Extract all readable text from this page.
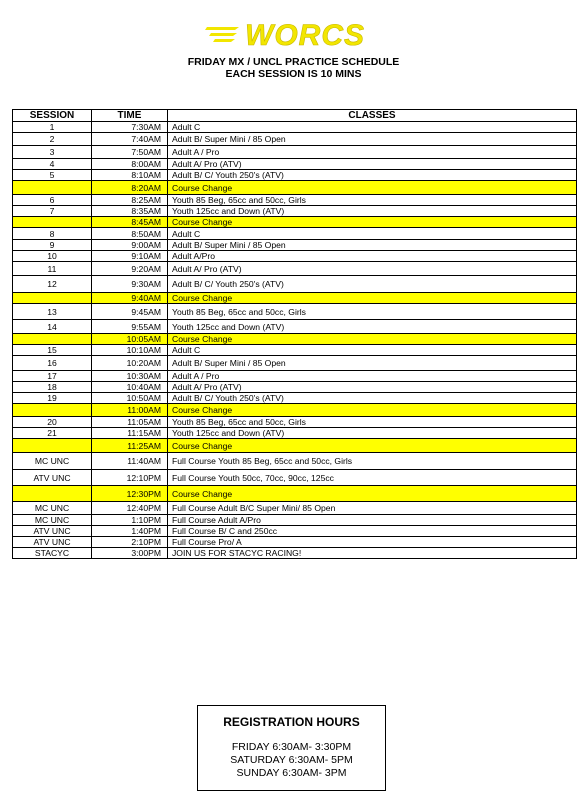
WORCS
FRIDAY MX / UNCL PRACTICE SCHEDULE
EACH SESSION IS 10 MINS
SESSION	TIME	CLASSES
1	7:30AM	Adult C
2	7:40AM	Adult B/ Super Mini / 85 Open
3	7:50AM	Adult A / Pro
4	8:00AM	Adult A/ Pro (ATV)
5	8:10AM	Adult B/ C/ Youth 250's (ATV)
	8:20AM	Course Change
6	8:25AM	Youth 85 Beg, 65cc and 50cc, Girls
7	8:35AM	Youth 125cc and Down (ATV)
	8:45AM	Course Change
8	8:50AM	Adult C
9	9:00AM	Adult B/ Super Mini / 85 Open
10	9:10AM	Adult A/Pro
11	9:20AM	Adult A/ Pro (ATV)
12	9:30AM	Adult B/ C/ Youth 250's (ATV)
	9:40AM	Course Change
13	9:45AM	Youth 85 Beg, 65cc and 50cc, Girls
14	9:55AM	Youth 125cc and Down (ATV)
	10:05AM	Course Change
15	10:10AM	Adult C
16	10:20AM	Adult B/ Super Mini / 85 Open
17	10:30AM	Adult A / Pro
18	10:40AM	Adult A/ Pro (ATV)
19	10:50AM	Adult B/ C/ Youth 250's (ATV)
	11:00AM	Course Change
20	11:05AM	Youth 85 Beg, 65cc and 50cc, Girls
21	11:15AM	Youth 125cc and Down (ATV)
	11:25AM	Course Change
MC UNC	11:40AM	Full Course Youth 85 Beg, 65cc and 50cc, Girls
ATV UNC	12:10PM	Full Course Youth 50cc, 70cc, 90cc, 125cc
	12:30PM	Course Change
MC UNC	12:40PM	Full Course Adult B/C Super Mini/ 85 Open
MC UNC	1:10PM	Full Course Adult A/Pro
ATV UNC	1:40PM	Full Course B/ C and 250cc
ATV UNC	2:10PM	Full Course Pro/ A
STACYC	3:00PM	JOIN US FOR STACYC RACING!
REGISTRATION HOURS
FRIDAY 6:30AM- 3:30PM
SATURDAY 6:30AM- 5PM
SUNDAY 6:30AM- 3PM
